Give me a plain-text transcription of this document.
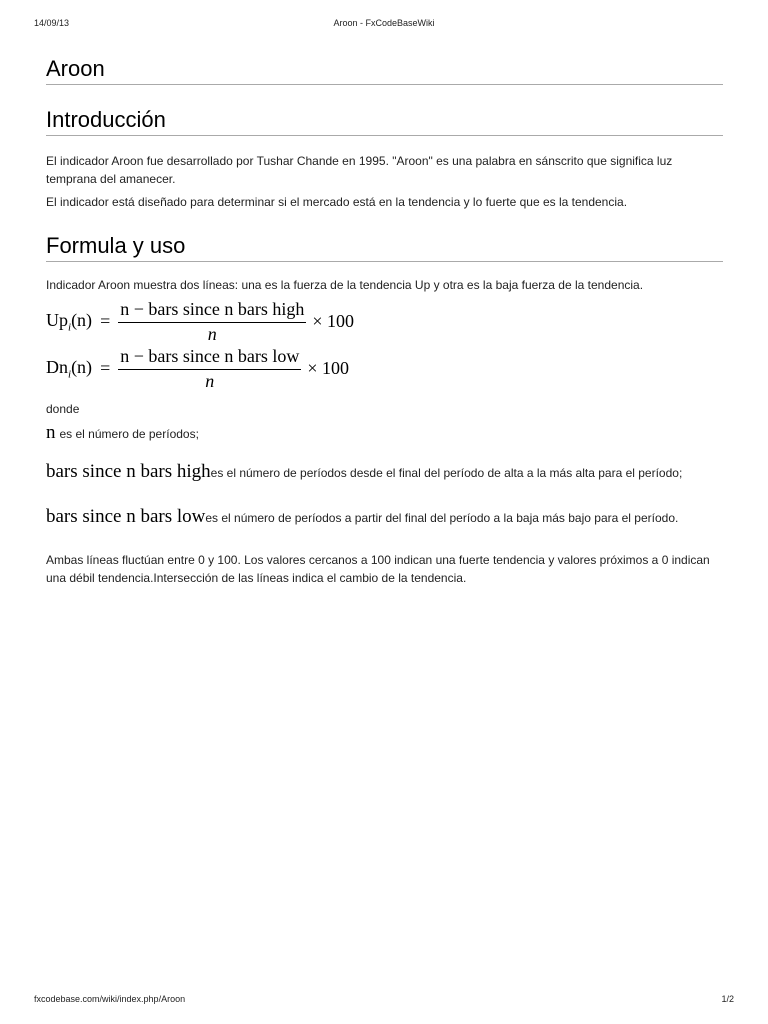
14/09/13	Aroon - FxCodeBaseWiki
Aroon
Introducción

El indicador Aroon fue desarrollado por Tushar Chande en 1995. "Aroon" es una palabra en sánscrito que significa luz temprana del amanecer.

El indicador está diseñado para determinar si el mercado está en la tendencia y lo fuerte que es la tendencia.

Formula y uso

Indicador Aroon muestra dos líneas: una es la fuerza de la tendencia Up y otra es la baja fuerza de la tendencia.

$Up_i(n) = \frac{\text{n − bars since n bars high}}{n} \times 100$
$Dn_i(n) = \frac{\text{n − bars since n bars low}}{n} \times 100$

donde

n es el número de períodos;

bars since n bars highes el número de períodos desde el final del período de alta a la más alta para el período;

bars since n bars lowes el número de períodos a partir del final del período a la baja más bajo para el período.

Ambas líneas fluctúan entre 0 y 100. Los valores cercanos a 100 indican una fuerte tendencia y valores próximos a 0 indican una débil tendencia.Intersección de las líneas indica el cambio de la tendencia.

fxcodebase.com/wiki/index.php/Aroon	1/2
